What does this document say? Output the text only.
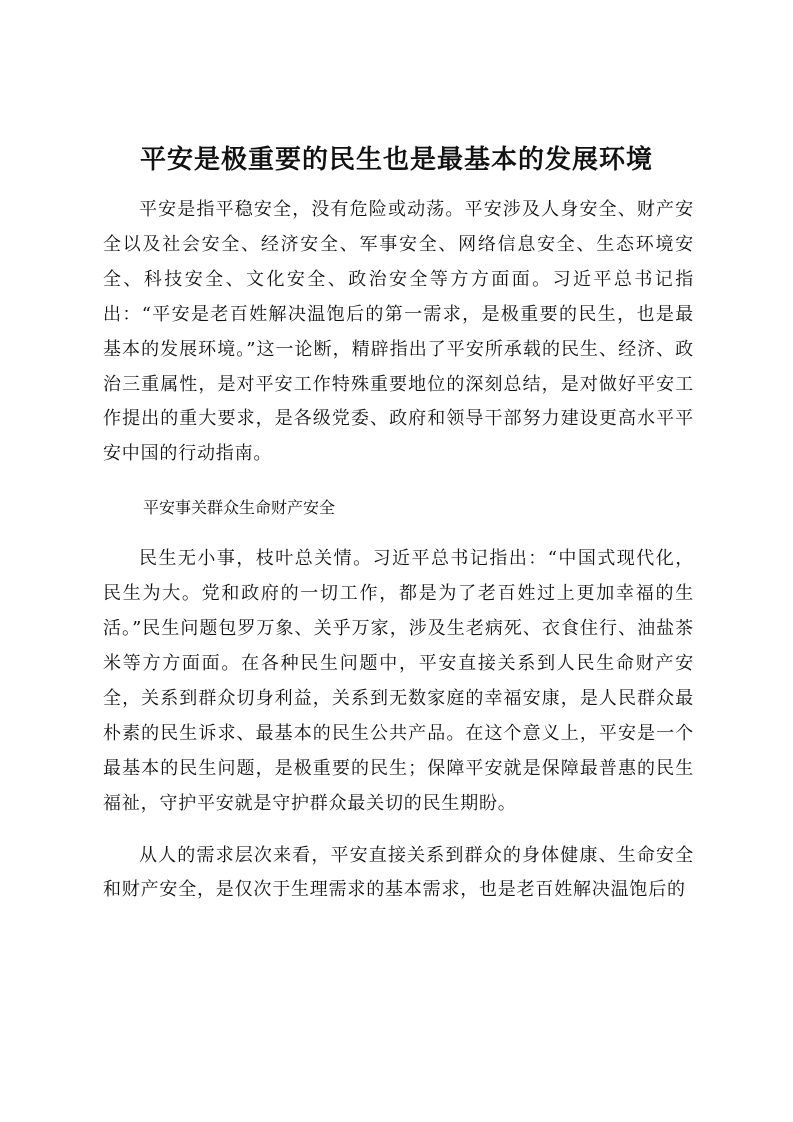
平安是极重要的民生也是最基本的发展环境

平安是指平稳安全，没有危险或动荡。平安涉及人身安全、财产安全以及社会安全、经济安全、军事安全、网络信息安全、生态环境安全、科技安全、文化安全、政治安全等方方面面。习近平总书记指出：“平安是老百姓解决温饱后的第一需求，是极重要的民生，也是最基本的发展环境。”这一论断，精辟指出了平安所承载的民生、经济、政治三重属性，是对平安工作特殊重要地位的深刻总结，是对做好平安工作提出的重大要求，是各级党委、政府和领导干部努力建设更高水平平安中国的行动指南。

平安事关群众生命财产安全

民生无小事，枝叶总关情。习近平总书记指出：“中国式现代化，民生为大。党和政府的一切工作，都是为了老百姓过上更加幸福的生活。”民生问题包罗万象、关乎万家，涉及生老病死、衣食住行、油盐茶米等方方面面。在各种民生问题中，平安直接关系到人民生命财产安全，关系到群众切身利益，关系到无数家庭的幸福安康，是人民群众最朴素的民生诉求、最基本的民生公共产品。在这个意义上，平安是一个最基本的民生问题，是极重要的民生；保障平安就是保障最普惠的民生福祉，守护平安就是守护群众最关切的民生期盼。

从人的需求层次来看，平安直接关系到群众的身体健康、生命安全和财产安全，是仅次于生理需求的基本需求，也是老百姓解决温饱后的
